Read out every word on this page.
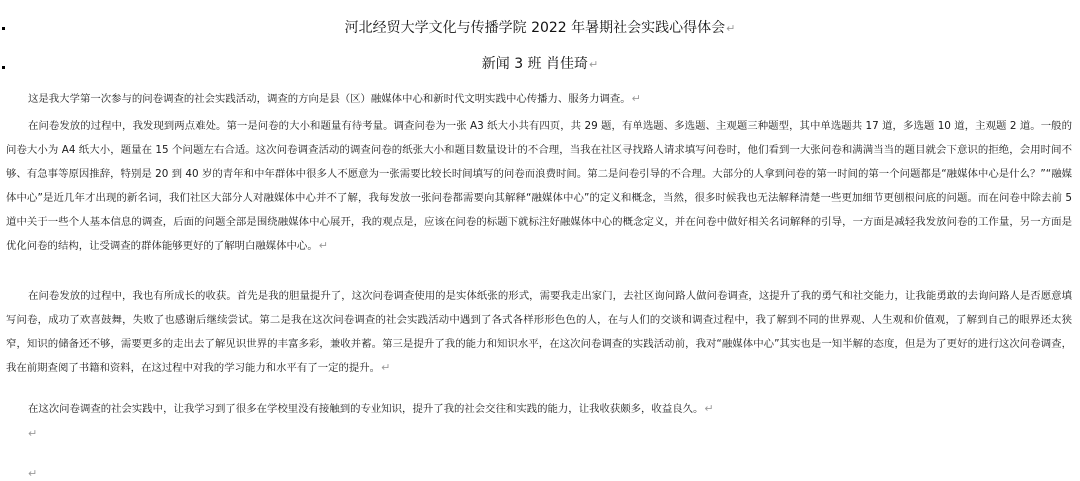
河北经贸大学文化与传播学院 2022 年暑期社会实践心得体会↵
新闻 3 班 肖佳琦↵

这是我大学第一次参与的问卷调查的社会实践活动，调查的方向是县（区）融媒体中心和新时代文明实践中心传播力、服务力调查。↵

在问卷发放的过程中，我发现到两点难处。第一是问卷的大小和题量有待考量。调查问卷为一张 A3 纸大小共有四页，共 29 题，有单选题、多选题、主观题三种题型，其中单选题共 17 道，多选题 10 道，主观题 2 道。一般的问卷大小为 A4 纸大小，题量在 15 个问题左右合适。这次问卷调查活动的调查问卷的纸张大小和题目数量设计的不合理，当我在社区寻找路人请求填写问卷时，他们看到一大张问卷和满满当当的题目就会下意识的拒绝，会用时间不够、有急事等原因推辞，特别是 20 到 40 岁的青年和中年群体中很多人不愿意为一张需要比较长时间填写的问卷而浪费时间。第二是问卷引导的不合理。大部分的人拿到问卷的第一时间的第一个问题都是“融媒体中心是什么？”“融媒体中心”是近几年才出现的新名词，我们社区大部分人对融媒体中心并不了解，我每发放一张问卷都需要向其解释“融媒体中心”的定义和概念，当然，很多时候我也无法解释清楚一些更加细节更刨根问底的问题。而在问卷中除去前 5 道中关于一些个人基本信息的调查，后面的问题全部是围绕融媒体中心展开，我的观点是，应该在问卷的标题下就标注好融媒体中心的概念定义，并在问卷中做好相关名词解释的引导，一方面是减轻我发放问卷的工作量，另一方面是优化问卷的结构，让受调查的群体能够更好的了解明白融媒体中心。↵

在问卷发放的过程中，我也有所成长的收获。首先是我的胆量提升了，这次问卷调查使用的是实体纸张的形式，需要我走出家门，去社区询问路人做问卷调查，这提升了我的勇气和社交能力，让我能勇敢的去询问路人是否愿意填写问卷，成功了欢喜鼓舞，失败了也感谢后继续尝试。第二是我在这次问卷调查的社会实践活动中遇到了各式各样形形色色的人，在与人们的交谈和调查过程中，我了解到不同的世界观、人生观和价值观，了解到自己的眼界还太狭窄，知识的储备还不够，需要更多的走出去了解见识世界的丰富多彩，兼收并蓄。第三是提升了我的能力和知识水平，在这次问卷调查的实践活动前，我对“融媒体中心”其实也是一知半解的态度，但是为了更好的进行这次问卷调查，我在前期查阅了书籍和资料，在这过程中对我的学习能力和水平有了一定的提升。↵

在这次问卷调查的社会实践中，让我学习到了很多在学校里没有接触到的专业知识，提升了我的社会交往和实践的能力，让我收获颇多，收益良久。↵

↵
↵
